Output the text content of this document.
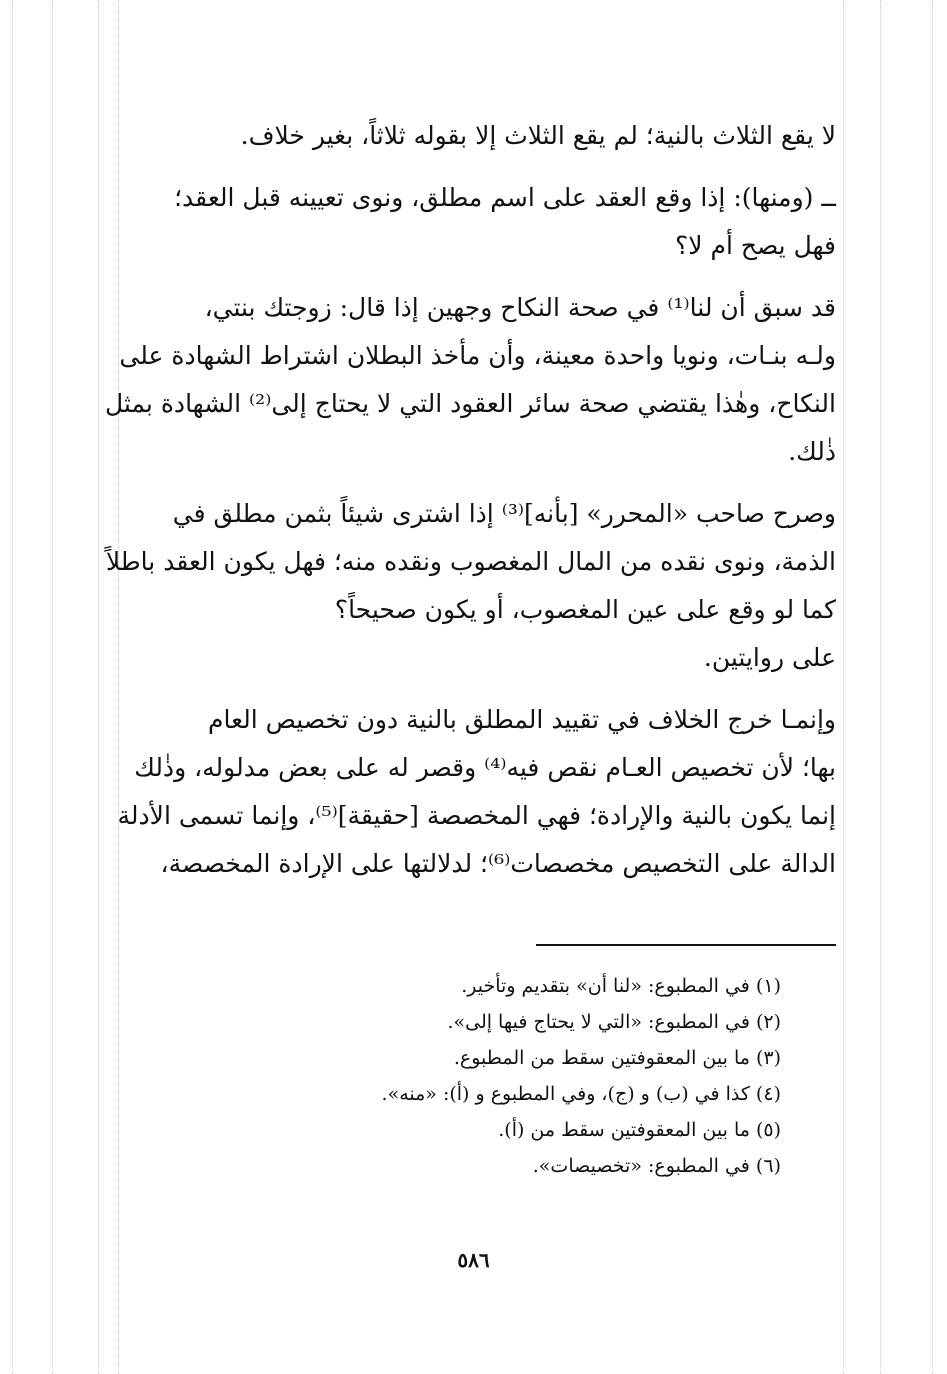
لا يقع الثلاث بالنية؛ لم يقع الثلاث إلا بقوله ثلاثاً، بغير خلاف.
ــ (ومنها): إذا وقع العقد على اسم مطلق، ونوى تعيينه قبل العقد؛
فهل يصح أم لا؟
قد سبق أن لنا⁽¹⁾ في صحة النكاح وجهين إذا قال: زوجتك بنتي،
ولـه بنـات، ونويا واحدة معينة، وأن مأخذ البطلان اشتراط الشهادة على
النكاح، وهٰذا يقتضي صحة سائر العقود التي لا يحتاج إلى⁽²⁾ الشهادة بمثل
ذٰلك.
وصرح صاحب «المحرر» [بأنه]⁽³⁾ إذا اشترى شيئاً بثمن مطلق في
الذمة، ونوى نقده من المال المغصوب ونقده منه؛ فهل يكون العقد باطلاً
كما لو وقع على عين المغصوب، أو يكون صحيحاً؟
على روايتين.
وإنمـا خرج الخلاف في تقييد المطلق بالنية دون تخصيص العام
بها؛ لأن تخصيص العـام نقص فيه⁽⁴⁾ وقصر له على بعض مدلوله، وذٰلك
إنما يكون بالنية والإرادة؛ فهي المخصصة [حقيقة]⁽⁵⁾، وإنما تسمى الأدلة
الدالة على التخصيص مخصصات⁽⁶⁾؛ لدلالتها على الإرادة المخصصة،
(١) في المطبوع: «لنا أن» بتقديم وتأخير.
(٢) في المطبوع: «التي لا يحتاج فيها إلى».
(٣) ما بين المعقوفتين سقط من المطبوع.
(٤) كذا في (ب) و (ج)، وفي المطبوع و (أ): «منه».
(٥) ما بين المعقوفتين سقط من (أ).
(٦) في المطبوع: «تخصيصات».
٥٨٦
